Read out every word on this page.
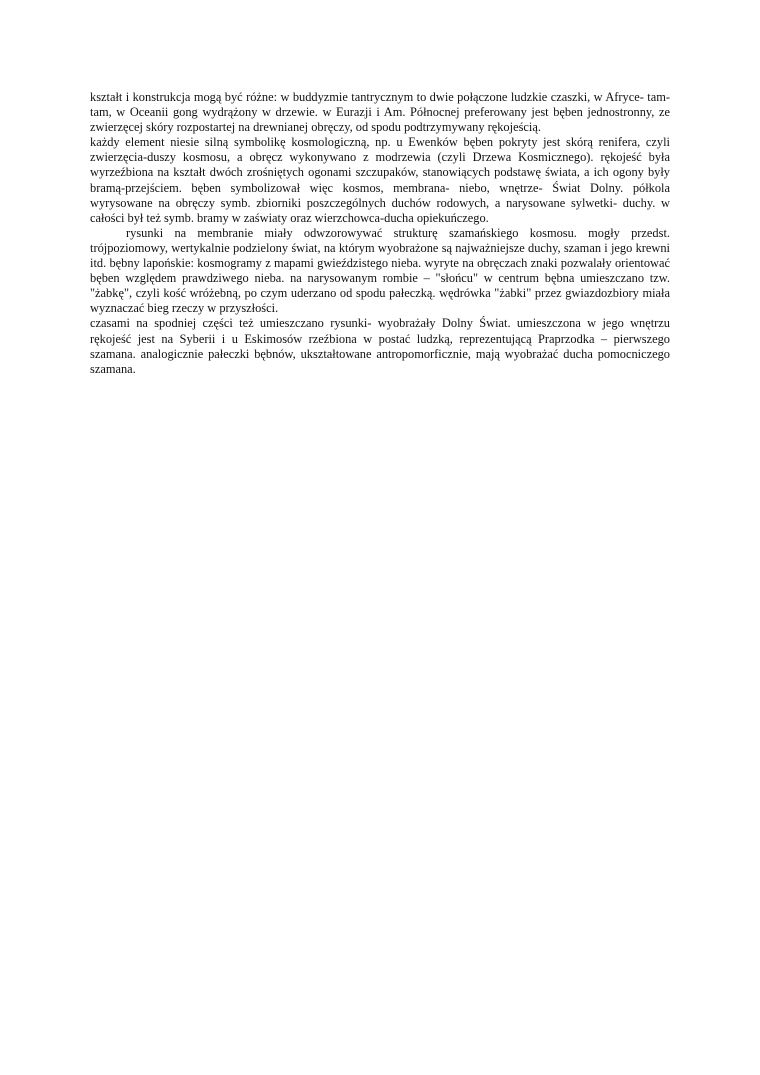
kształt i konstrukcja mogą być różne: w buddyzmie tantrycznym to dwie połączone ludzkie czaszki, w Afryce- tam-tam, w Oceanii gong wydrążony w drzewie. w Eurazji i Am. Północnej preferowany jest bęben jednostronny, ze zwierzęcej skóry rozpostartej na drewnianej obręczy, od spodu podtrzymywany rękojeścią.

każdy element niesie silną symbolikę kosmologiczną, np. u Ewenków bęben pokryty jest skórą renifera, czyli zwierzęcia-duszy kosmosu, a obręcz wykonywano z modrzewia (czyli Drzewa Kosmicznego). rękojeść była wyrzeźbiona na kształt dwóch zrośniętych ogonami szczupaków, stanowiących podstawę świata, a ich ogony były bramą-przejściem. bęben symbolizował więc kosmos, membrana- niebo, wnętrze- Świat Dolny. półkola wyrysowane na obręczy symb. zbiorniki poszczególnych duchów rodowych, a narysowane sylwetki- duchy. w całości był też symb. bramy w zaświaty oraz wierzchowca-ducha opiekuńczego.

rysunki na membranie miały odwzorowywać strukturę szamańskiego kosmosu. mogły przedst. trójpoziomowy, wertykalnie podzielony świat, na którym wyobrażone są najważniejsze duchy, szaman i jego krewni itd. bębny lapońskie: kosmogramy z mapami gwieździstego nieba. wyryte na obręczach znaki pozwalały orientować bęben względem prawdziwego nieba. na narysowanym rombie – "słońcu" w centrum bębna umieszczano tzw. "żabkę", czyli kość wróżebną, po czym uderzano od spodu pałeczką. wędrówka "żabki" przez gwiazdozbiory miała wyznaczać bieg rzeczy w przyszłości.

czasami na spodniej części też umieszczano rysunki- wyobrażały Dolny Świat. umieszczona w jego wnętrzu rękojeść jest na Syberii i u Eskimosów rzeźbiona w postać ludzką, reprezentującą Praprzodka – pierwszego szamana. analogicznie pałeczki bębnów, ukształtowane antropomorficznie, mają wyobrażać ducha pomocniczego szamana.
